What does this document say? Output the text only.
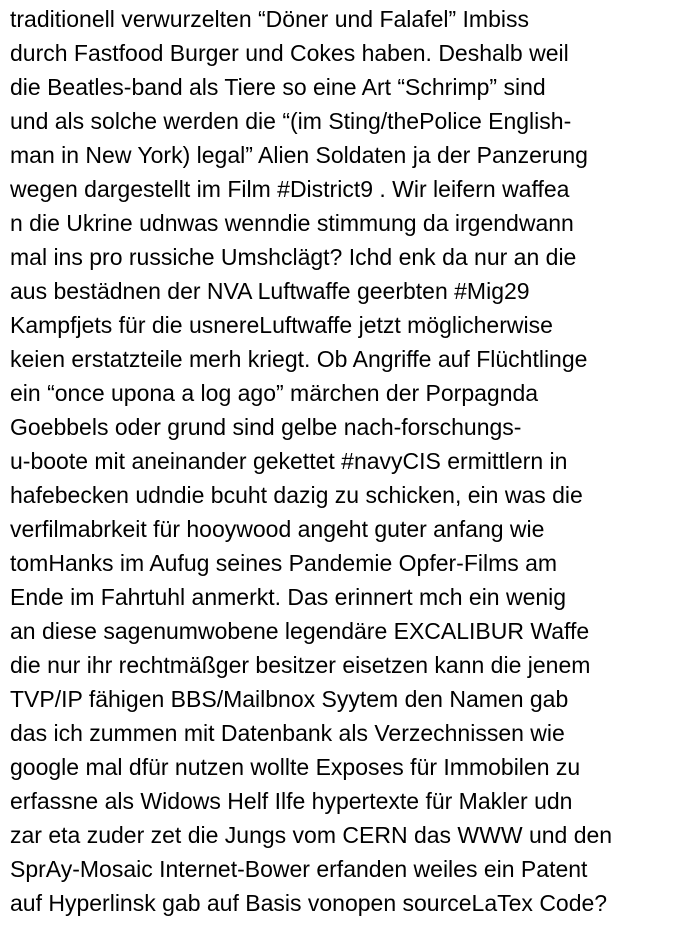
traditionell verwurzelten “Döner und Falafel” Imbiss
durch Fastfood Burger und Cokes haben. Deshalb weil
die Beatles-band als Tiere so eine Art “Schrimp” sind
und als solche werden die “(im Sting/thePolice English-
man in New York) legal” Alien Soldaten ja der Panzerung
wegen dargestellt im Film #District9 . Wir leifern waffea
n die Ukrine udnwas wenndie stimmung da irgendwann
mal ins pro russiche Umshclägt? Ichd enk da nur an die
aus bestädnen der NVA Luftwaffe geerbten #Mig29
Kampfjets für die usnereLuftwaffe jetzt möglicherwise
keien erstatzteile merh kriegt. Ob Angriffe auf Flüchtlinge
ein “once upona a log ago” märchen der Porpagnda
Goebbels oder grund sind gelbe nach-forschungs-
u-boote mit aneinander gekettet #navyCIS ermittlern in
hafebecken udndie bcuht dazig zu schicken, ein was die
verfilmabrkeit für hooywood angeht guter anfang wie
tomHanks im Aufug seines Pandemie Opfer-Films am
Ende im Fahrtuhl anmerkt. Das erinnert mch ein wenig
an diese sagenumwobene legendäre EXCALIBUR Waffe
die nur ihr rechtmäßger besitzer eisetzen kann die jenem
TVP/IP fähigen BBS/Mailbnox Syytem den Namen gab
das ich zummen mit Datenbank als Verzechnissen wie
google mal dfür nutzen wollte Exposes für Immobilen zu
erfassne als Widows Helf Ilfe hypertexte für Makler udn
zar eta zuder zet die Jungs vom CERN das WWW und den
SprAy-Mosaic Internet-Bower erfanden weiles ein Patent
auf Hyperlinsk gab auf Basis vonopen sourceLaTex Code?
